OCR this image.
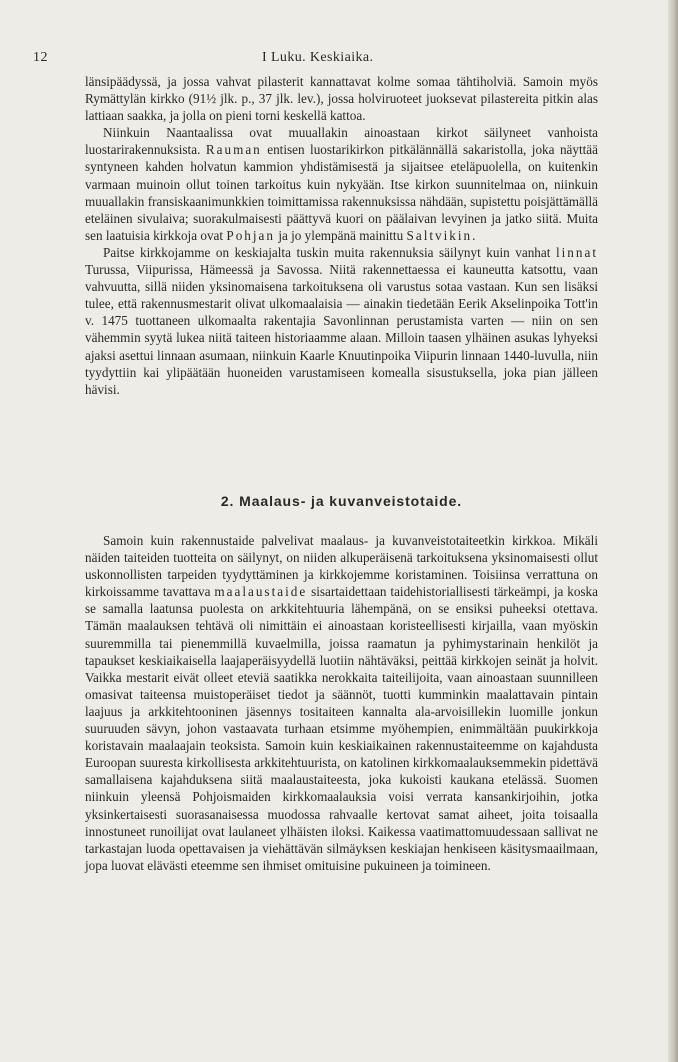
12	I Luku. Keskiaika.

länsipäädyssä, ja jossa vahvat pilasterit kannattavat kolme somaa tähtiholviä. Samoin myös Rymättylän kirkko (91½ jlk. p., 37 jlk. lev.), jossa holviruoteet juoksevat pilastereita pitkin alas lattiaan saakka, ja jolla on pieni torni keskellä kattoa.

Niinkuin Naantaalissa ovat muuallakin ainoastaan kirkot säilyneet vanhoista luostarirakennuksista. Rauman entisen luostarikirkon pitkälännällä sakaristolla, joka näyttää syntyneen kahden holvatun kammion yhdistämisestä ja sijaitsee eteläpuolella, on kuitenkin varmaan muinoin ollut toinen tarkoitus kuin nykyään. Itse kirkon suunnitelmaa on, niinkuin muuallakin fransiskaanimunkkien toimittamissa rakennuksissa nähdään, supistettu poisjättämällä eteläinen sivulaiva; suorakulmaisesti päättyvä kuori on päälaivan levyinen ja jatko siitä. Muita sen laatuisia kirkkoja ovat Pohjan ja jo ylempänä mainittu Saltvikin.

Paitse kirkkojamme on keskiajalta tuskin muita rakennuksia säilynyt kuin vanhat linnat Turussa, Viipurissa, Hämeessä ja Savossa. Niitä rakennettaessa ei kauneutta katsottu, vaan vahvuutta, sillä niiden yksinomaisena tarkoituksena oli varustus sotaa vastaan. Kun sen lisäksi tulee, että rakennusmestarit olivat ulkomaalaisia — ainakin tiedetään Eerik Akselinpoika Tott'in v. 1475 tuottaneen ulkomaalta rakentajia Savonlinnan perustamista varten — niin on sen vähemmin syytä lukea niitä taiteen historiaamme alaan. Milloin taasen ylhäinen asukas lyhyeksi ajaksi asettui linnaan asumaan, niinkuin Kaarle Knuutinpoika Viipurin linnaan 1440-luvulla, niin tyydyttiin kai ylipäätään huoneiden varustamiseen komealla sisustuksella, joka pian jälleen hävisi.

2. Maalaus- ja kuvanveistotaide.

Samoin kuin rakennustaide palvelivat maalaus- ja kuvanveistotaiteetkin kirkkoa. Mikäli näiden taiteiden tuotteita on säilynyt, on niiden alkuperäisenä tarkoituksena yksinomaisesti ollut uskonnollisten tarpeiden tyydyttäminen ja kirkkojemme koristaminen. Toisiinsa verrattuna on kirkoissamme tavattava maalaustaide sisartaidettaan taidehistoriallisesti tärkeämpi, ja koska se samalla laatunsa puolesta on arkkitehtuuria lähempänä, on se ensiksi puheeksi otettava. Tämän maalauksen tehtävä oli nimittäin ei ainoastaan koristeellisesti kirjailla, vaan myöskin suuremmilla tai pienemmillä kuvaelmilla, joissa raamatun ja pyhimystarinain henkilöt ja tapaukset keskiaikaisella laajaperäisyydellä luotiin nähtäväksi, peittää kirkkojen seinät ja holvit. Vaikka mestarit eivät olleet eteviä saatikka nerokkaita taiteilijoita, vaan ainoastaan suunnilleen omasivat taiteensa muistoperäiset tiedot ja säännöt, tuotti kumminkin maalattavain pintain laajuus ja arkkitehtooninen jäsennys tositaiteen kannalta ala-arvoisillekin luomille jonkun suuruuden sävyn, johon vastaavata turhaan etsimme myöhempien, enimmältään puukirkkoja koristavain maalaajain teoksista. Samoin kuin keskiaikainen rakennustaiteemme on kajahdusta Euroopan suuresta kirkollisesta arkkitehtuurista, on katolinen kirkkomaalauksemmekin pidettävä samallaisena kajahduksena siitä maalaustaiteesta, joka kukoisti kaukana etelässä. Suomen niinkuin yleensä Pohjoismaiden kirkkomaalauksia voisi verrata kansankirjoihin, jotka yksinkertaisesti suorasanaisessa muodossa rahvaalle kertovat samat aiheet, joita toisaalla innostuneet runoilijat ovat laulaneet ylhäisten iloksi. Kaikessa vaatimattomuudessaan sallivat ne tarkastajan luoda opettavaisen ja viehättävän silmäyksen keskiajan henkiseen käsitysmaailmaan, jopa luovat elävästi eteemme sen ihmiset omituisine pukuineen ja toimineen.
